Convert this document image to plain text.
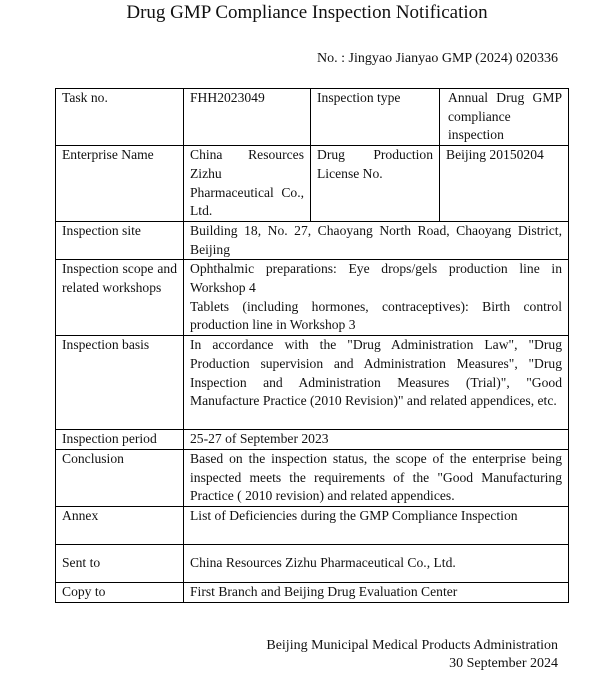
Drug GMP Compliance Inspection Notification
No. : Jingyao Jianyao GMP (2024) 020336
Task no.	FHH2023049	Inspection type	Annual Drug GMP compliance inspection
Enterprise Name	China Resources Zizhu Pharmaceutical Co., Ltd.	Drug Production License No.	Beijing 20150204
Inspection site	Building 18, No. 27, Chaoyang North Road, Chaoyang District, Beijing		
Inspection scope and related workshops	Ophthalmic preparations: Eye drops/gels production line in Workshop 4
Tablets (including hormones, contraceptives): Birth control production line in Workshop 3		

Inspection basis	In accordance with the "Drug Administration Law", "Drug Production supervision and Administration Measures", "Drug Inspection and Administration Measures (Trial)", "Good Manufacture Practice (2010 Revision)" and related appendices, etc.		
Inspection period	25-27 of September 2023		
Conclusion	Based on the inspection status, the scope of the enterprise being inspected meets the requirements of the "Good Manufacturing Practice ( 2010 revision) and related appendices.		
Annex	List of Deficiencies during the GMP Compliance Inspection		
Sent to	China Resources Zizhu Pharmaceutical Co., Ltd.		
Copy to	First Branch and Beijing Drug Evaluation Center		
Beijing Municipal Medical Products Administration
30 September 2024
